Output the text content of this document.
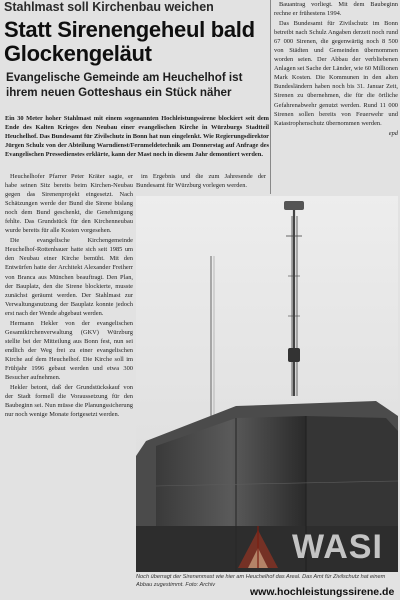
Stahlmast soll Kirchenbau weichen
Statt Sirenengeheul bald Glockengeläut
Evangelische Gemeinde am Heuchelhof ist ihrem neuen Gotteshaus ein Stück näher
Ein 30 Meter hoher Stahlmast mit einem sogenannten Hochleistungssirene blockiert seit dem Ende des Kalten Krieges den Neubau einer evangelischen Kirche in Würzburgs Stadtteil Heuchelhof. Das Bundesamt für Zivilschutz in Bonn hat nun eingelenkt. Wie Regierungsdirektor Jürgen Schulz von der Abteilung Warndienst/Fernmeldetechnik am Donnerstag auf Anfrage des Evangelischen Pressedienstes erklärte, kann der Mast noch in diesem Jahr demontiert werden.

Heuchelhofer Pfarrer Peter Kräter sagte, er habe seinen Sitz bereits beim Kirchen-Neubau gegen das Sirenenprojekt eingesetzt. Nach Schätzungen werde der Bund die Sirene bislang noch dem Bund geschenkt, die Genehmigung fehlte. Das Grundstück für den Kirchenneubau wurde bereits für alle Kosten vorgesehen.

Die evangelische Kirchengemeinde Heuchelhof-Rottenbauer hatte sich seit 1985 um den Neubau einer Kirche bemüht. Mit den Entwürfen hatte der Architekt Alexander Freiherr von Branca aus München beauftragt. Den Plan, der Bauplatz, den die Sirene blockierte, musste zunächst geräumt werden. Der Stahlmast zur Verwaltungsnutzung der Bauplatz konnte jedoch erst nach der Wende abgebaut werden.

Hermann Hekler von der evangelischen Gesamtkirchenverwaltung (GKV) Würzburg stellte bei der Mitteilung aus Bonn fest, nun sei endlich der Weg frei zu einer evangelischen Kirche auf dem Heuchelhof. Die Kirche soll im Frühjahr 1996 gebaut werden und etwa 300 Besucher aufnehmen.

Hekler betont, daß der Grundstückskauf von der Stadt formell die Voraussetzung für den Baubeginn sei. Nun müsse die Planungssicherung nur noch wenige Monate fortgesetzt werden.

im Ergebnis und die zum Jahresende der Bundesamt für Würzburg vorlegen werden.

Bauantrag vorliegt. Mit dem Baubeginn rechne er frühestens 1994.

Das Bundesamt für Zivilschutz im Bonn betreibt nach Schulz Angaben derzeit noch rund 67 000 Sirenen, die gegenwärtig noch 8 500 von Städten und Gemeinden übernommen worden seien. Der Abbau der verbliebenen Anlagen sei Sache der Länder, wie 60 Millionen Mark Kosten. Die Kommunen in den alten Bundesländern haben noch bis 31. Januar Zeit, Sirenen zu übernehmen, die für die örtliche Gefahrenabwehr genutzt werden. Rund 11 000 Sirenen sollen bereits von Feuerwehr und Katastrophenschutz übernommen werden.

epd

WASI
Noch überragt der Sirenenmast wie hier am Heuchelhof das Areal. Das Amt für Zivilschutz hat einem Abbau zugestimmt. Foto: Archiv
www.hochleistungssirene.de
